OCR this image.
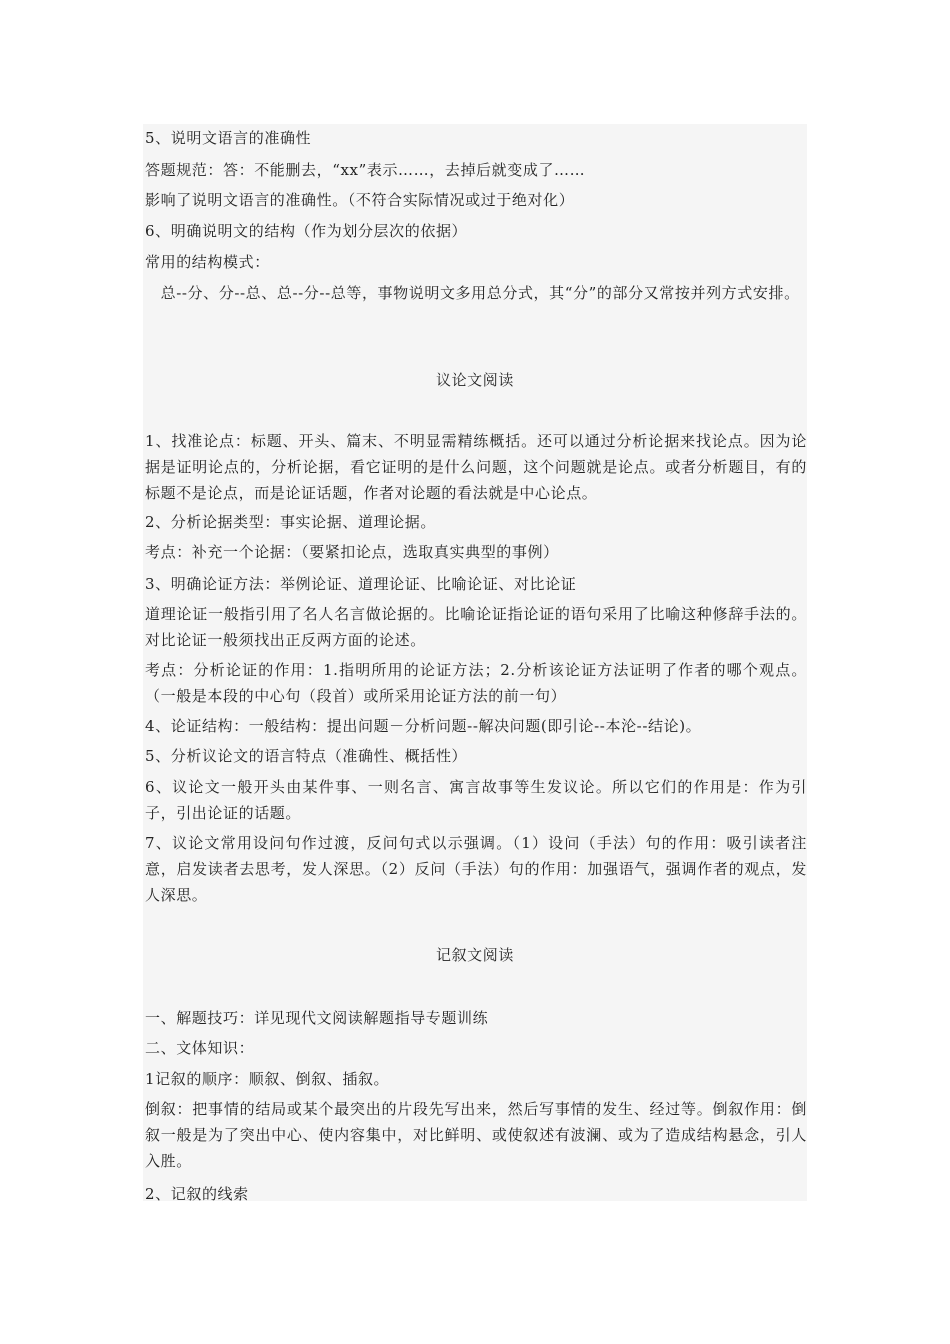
5、说明文语言的准确性
答题规范：答：不能删去，“xx”表示……，去掉后就变成了……
影响了说明文语言的准确性。（不符合实际情况或过于绝对化）
6、明确说明文的结构（作为划分层次的依据）
常用的结构模式：
　总--分、分--总、总--分--总等，事物说明文多用总分式，其“分”的部分又常按并列方式安排。
议论文阅读
1、找准论点：标题、开头、篇末、不明显需精练概括。还可以通过分析论据来找论点。因为论据是证明论点的，分析论据，看它证明的是什么问题，这个问题就是论点。或者分析题目，有的标题不是论点，而是论证话题，作者对论题的看法就是中心论点。
2、分析论据类型：事实论据、道理论据。
考点：补充一个论据：（要紧扣论点，选取真实典型的事例）
3、明确论证方法：举例论证、道理论证、比喻论证、对比论证
道理论证一般指引用了名人名言做论据的。比喻论证指论证的语句采用了比喻这种修辞手法的。对比论证一般须找出正反两方面的论述。
考点：分析论证的作用：1.指明所用的论证方法；2.分析该论证方法证明了作者的哪个观点。（一般是本段的中心句（段首）或所采用论证方法的前一句）
4、论证结构：一般结构：提出问题－分析问题--解决问题(即引论--本沦--结论)。
5、分析议论文的语言特点（准确性、概括性）
6、议论文一般开头由某件事、一则名言、寓言故事等生发议论。所以它们的作用是：作为引子，引出论证的话题。
7、议论文常用设问句作过渡，反问句式以示强调。（1）设问（手法）句的作用：吸引读者注意，启发读者去思考，发人深思。（2）反问（手法）句的作用：加强语气，强调作者的观点，发人深思。
记叙文阅读
一、解题技巧：详见现代文阅读解题指导专题训练
二、文体知识：
1记叙的顺序：顺叙、倒叙、插叙。
倒叙：把事情的结局或某个最突出的片段先写出来，然后写事情的发生、经过等。倒叙作用：倒叙一般是为了突出中心、使内容集中，对比鲜明、或使叙述有波澜、或为了造成结构悬念，引人入胜。
2、记叙的线索
